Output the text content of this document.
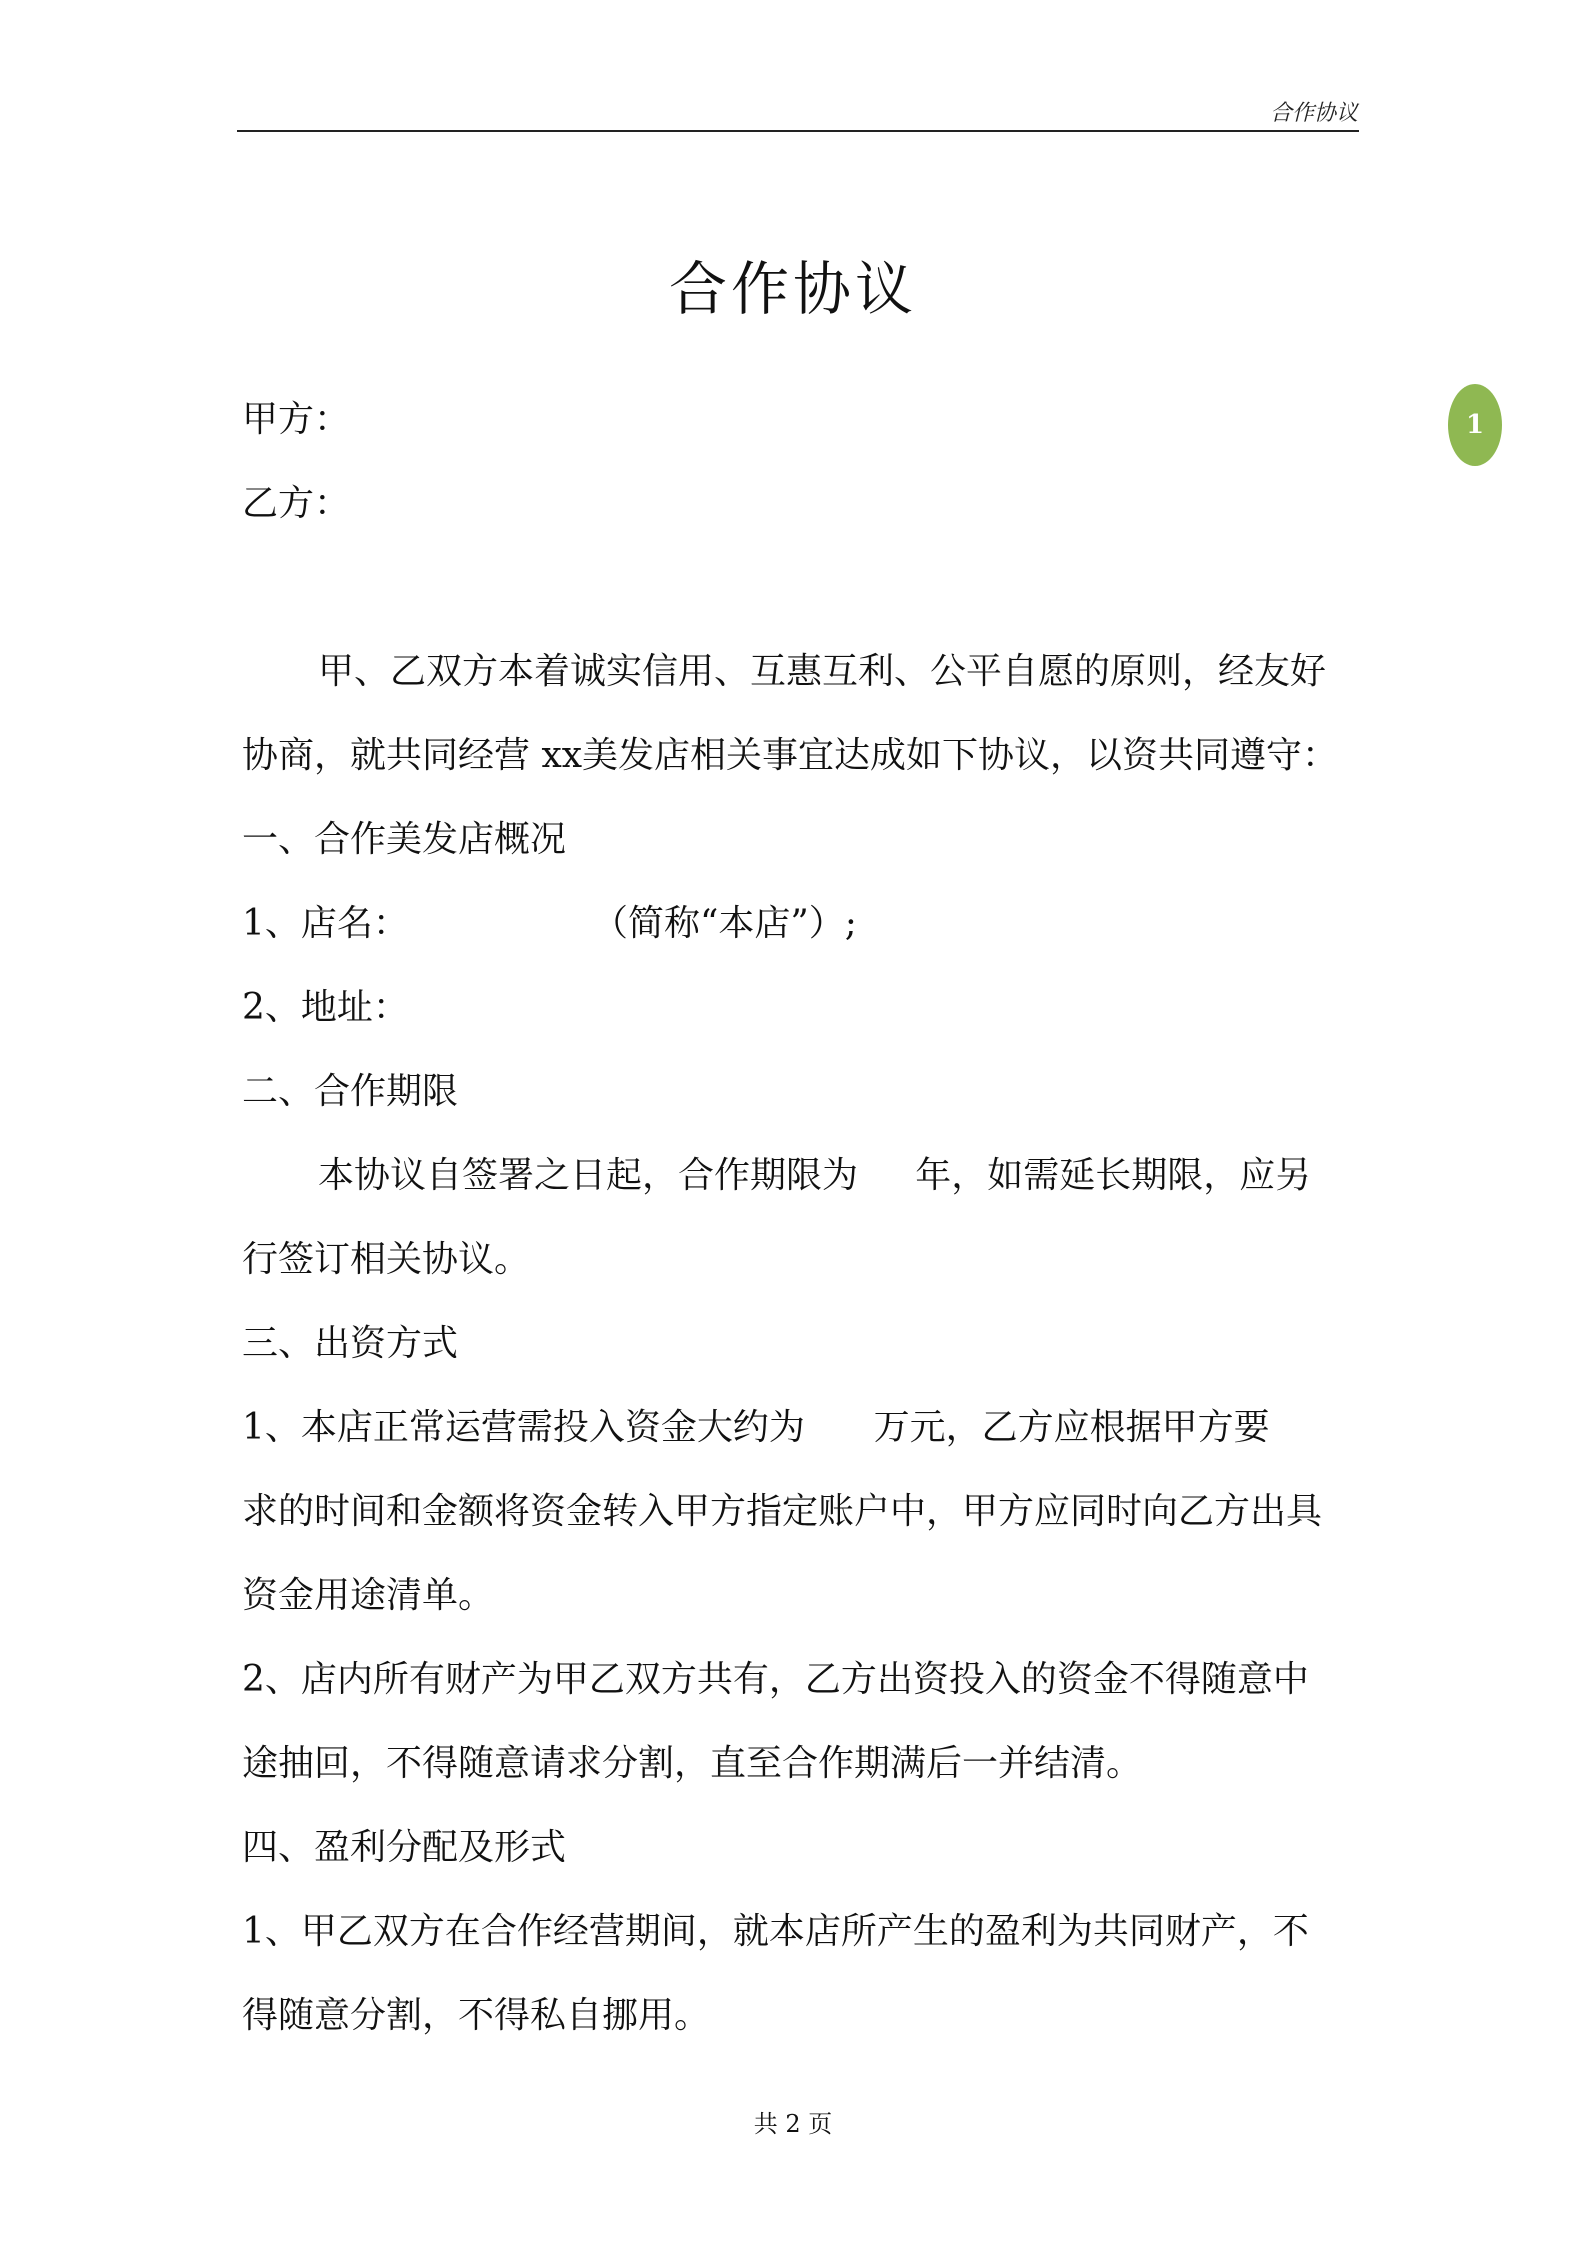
合作协议
合作协议
1

甲方：

乙方：

甲、乙双方本着诚实信用、互惠互利、公平自愿的原则，经友好

协商，就共同经营 xx美发店相关事宜达成如下协议，以资共同遵守：

一、合作美发店概况

1、店名：                （简称“本店”）;

2、地址：

二、合作期限

本协议自签署之日起，合作期限为     年，如需延长期限，应另

行签订相关协议。

三、出资方式

1、本店正常运营需投入资金大约为      万元，乙方应根据甲方要

求的时间和金额将资金转入甲方指定账户中，甲方应同时向乙方出具

资金用途清单。

2、店内所有财产为甲乙双方共有，乙方出资投入的资金不得随意中

途抽回，不得随意请求分割，直至合作期满后一并结清。

四、盈利分配及形式

1、甲乙双方在合作经营期间，就本店所产生的盈利为共同财产，不

得随意分割，不得私自挪用。

共 2 页
